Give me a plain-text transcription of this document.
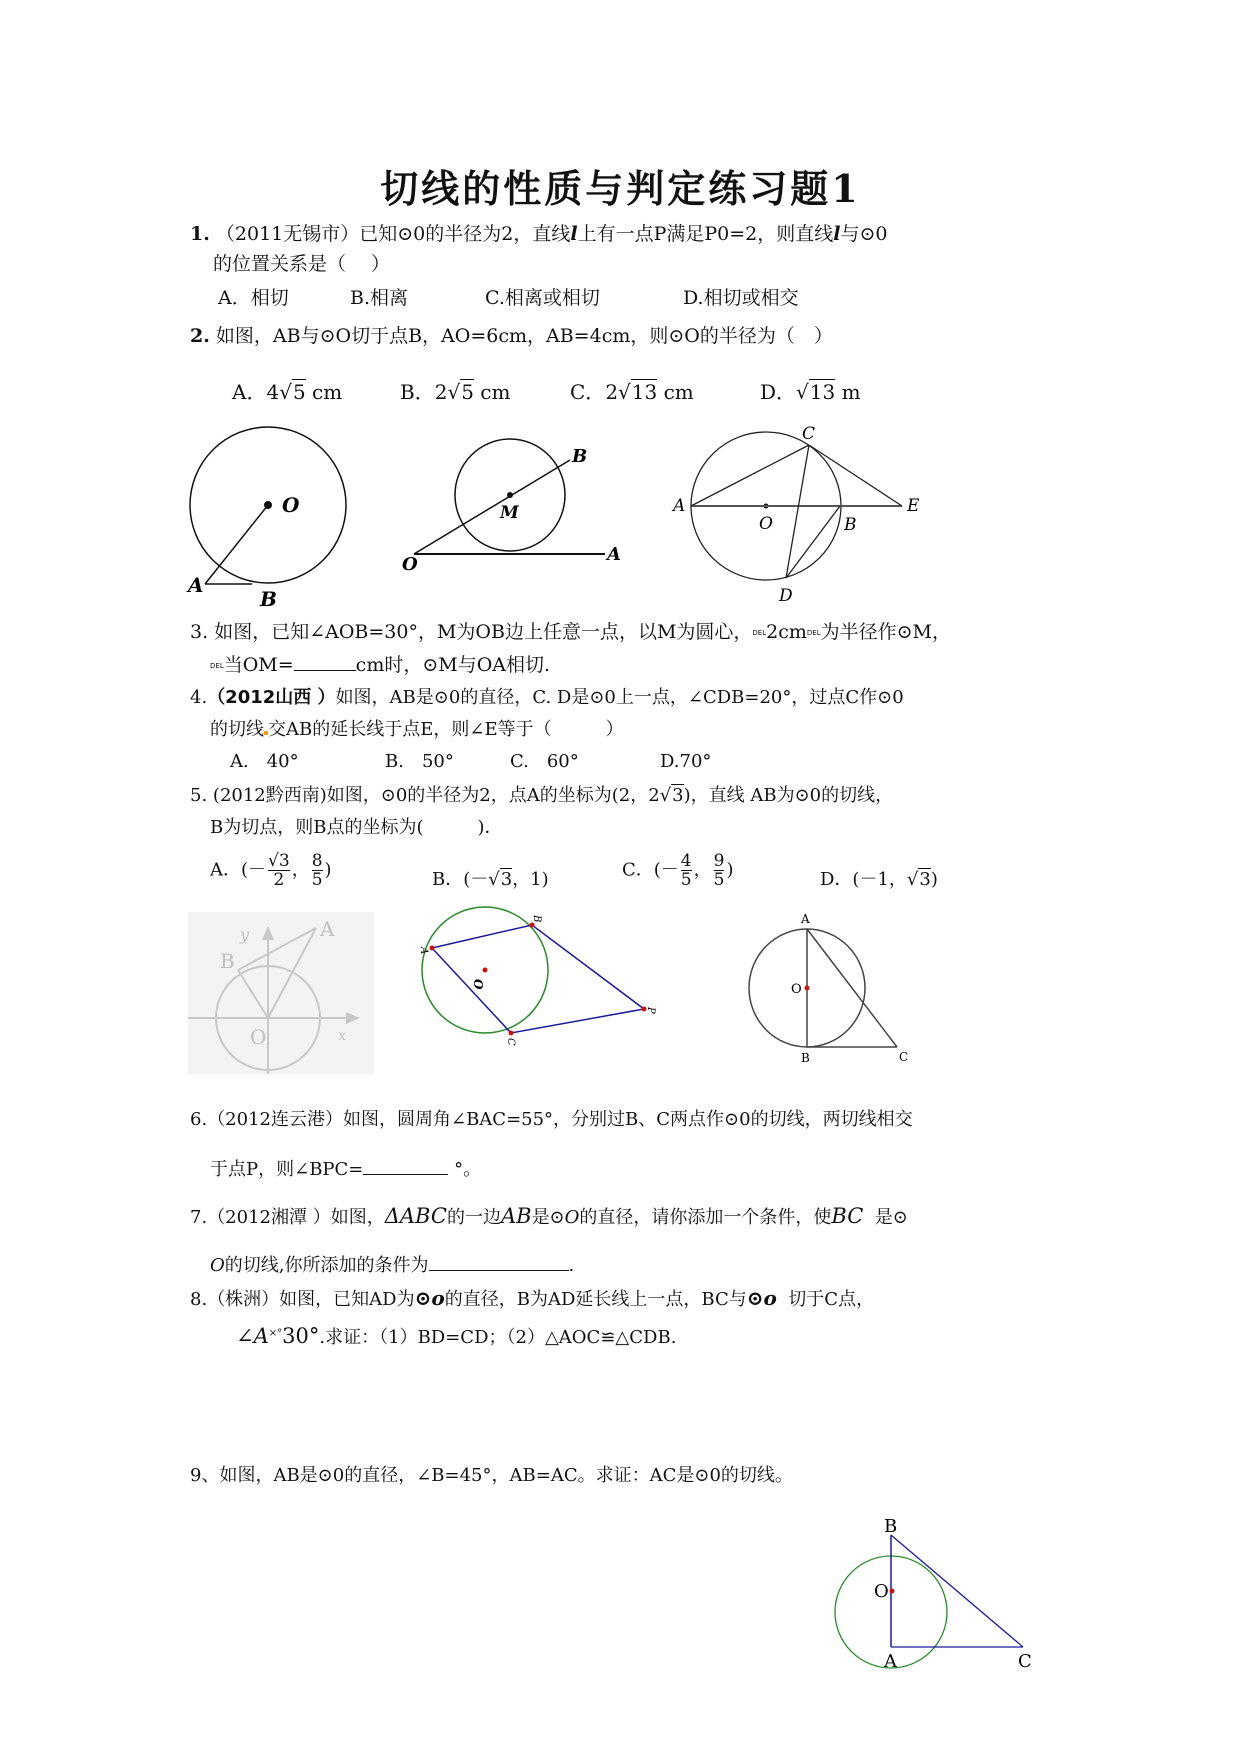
切线的性质与判定练习题1
1. （2011无锡市）已知⊙0的半径为2，直线l上有一点P满足P0=2，则直线l与⊙0
的位置关系是（　 ）
A．相切	B.相离	C.相离或相切	D.相切或相交
2. 如图，AB与⊙O切于点B，AO=6cm，AB=4cm，则⊙O的半径为（　）
A．4√5 cm	B．2√5 cm	C．2√13 cm	D．√13 m
O
A
B
B
M
O	A
C
A
O	B
E
D
3. 如图，已知∠AOB=30°，M为OB边上任意一点，以M为圆心，DEL2cmDEL为半径作⊙M，
DEL当OM=	cm时，⊙M与OA相切.
4.（2012山西 ）如图，AB是⊙0的直径，C. D是⊙0上一点，∠CDB=20°，过点C作⊙0
的切线 交AB的延长线于点E，则∠E等于（　　　）
A.　40°	B.　50°	C.　60°	D.70°
5. (2012黔西南)如图，⊙0的半径为2，点A的坐标为(2，2√3)，直线 AB为⊙0的切线，
B为切点，则B点的坐标为(　　　)．
A．(－ $\frac{√3}{2}$ ， $\frac{8}{5}$ )	B．(－√3，1)	C．(－ $\frac{4}{5}$ ， $\frac{9}{5}$ )	D．(－1，√3)
y	A
B
O	x
A
B
O
P
C
A
O
B	C
6.（2012连云港）如图，圆周角∠BAC=55°，分别过B、C两点作⊙0的切线，两切线相交
于点P，则∠BPC=	°。
7.（2012湘潭 ）如图，ΔABC的一边AB是⊙O的直径，请你添加一个条件，使BC 是⊙
O的切线,你所添加的条件为	.
8.（株洲）如图，已知AD为⊙o的直径，B为AD延长线上一点，BC与⊙o 切于C点，
∠A×°30°.求证：（1）BD=CD；（2）△AOC≌△CDB.
9、如图，AB是⊙0的直径，∠B=45°，AB=AC。求证：AC是⊙0的切线。
B
O
A	C
